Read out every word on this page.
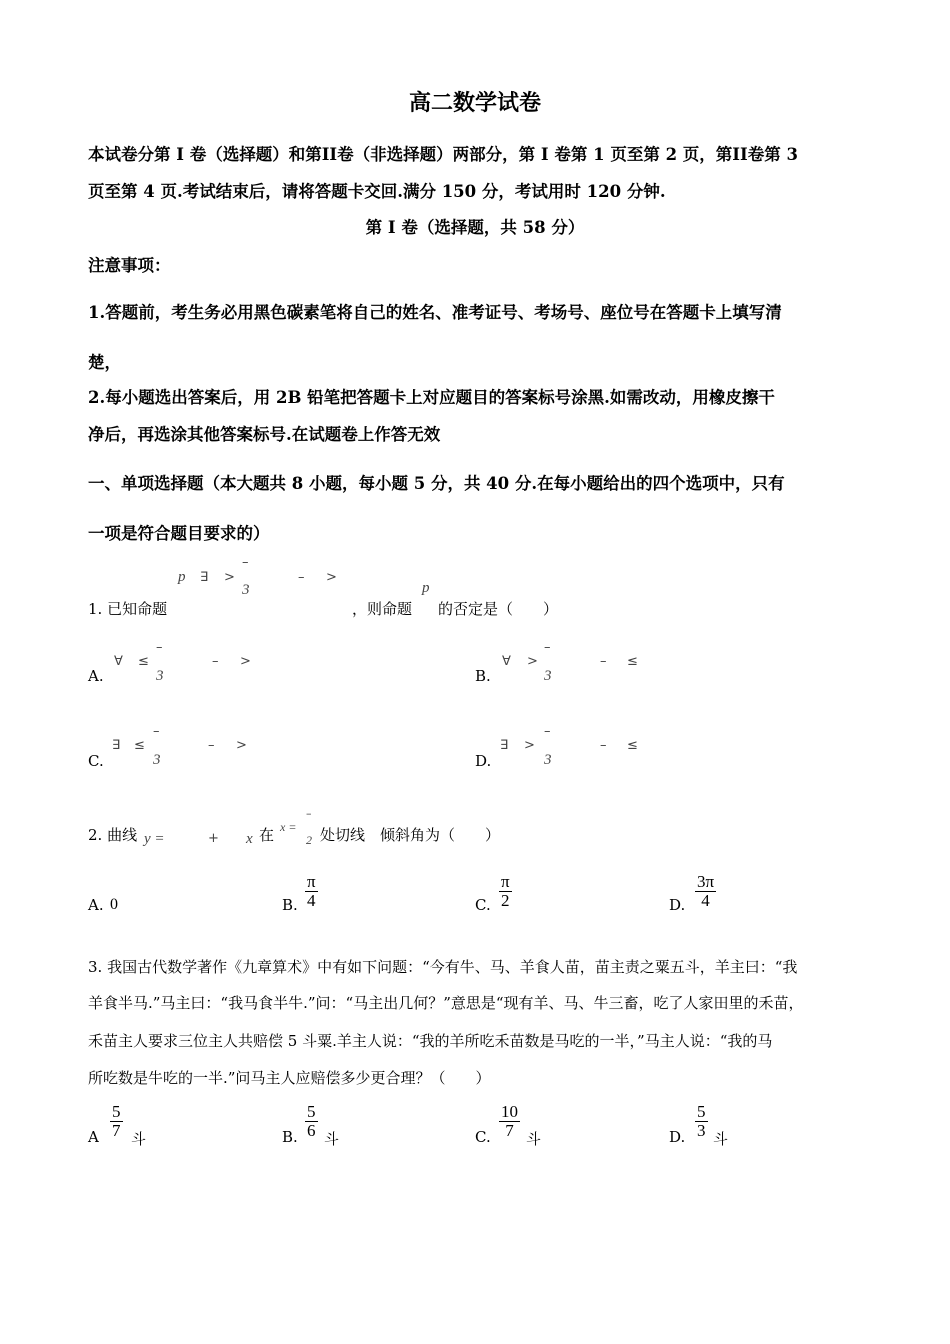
高二数学试卷
本试卷分第 I 卷（选择题）和第II卷（非选择题）两部分，第 I 卷第 1 页至第 2 页，第II卷第 3
页至第 4 页.考试结束后，请将答题卡交回.满分 150 分，考试用时 120 分钟.
第 I 卷（选择题，共 58 分）
注意事项：
1.答题前，考生务必用黑色碳素笔将自己的姓名、准考证号、考场号、座位号在答题卡上填写清
楚，
2.每小题选出答案后，用 2B 铅笔把答题卡上对应题目的答案标号涂黑.如需改动，用橡皮擦干
净后，再选涂其他答案标号.在试题卷上作答无效
一、单项选择题（本大题共 8 小题，每小题 5 分，共 40 分.在每小题给出的四个选项中，只有
一项是符合题目要求的）
1. 已知命题
p ∃ >
–
3
– >
，则命题
p
的否定是（　　）
A.
∀ ≤
–
3
– >
B.
∀ >
–
3
– ≤
C.
∃ ≤
–
3
– >
D.
∃ >
–
3
– ≤
2. 曲线 y =	+ x 在 x =
–
2 处切线　倾斜角为（　　）
A. 0	B. $\frac{\pi}{4}$	C. $\frac{\pi}{2}$	D. $\frac{3\pi}{4}$
3. 我国古代数学著作《九章算术》中有如下问题：“今有牛、马、羊食人苗，苗主责之粟五斗，羊主曰：“我
羊食半马.”马主曰：“我马食半牛.”问：“马主出几何？”意思是“现有羊、马、牛三畜，吃了人家田里的禾苗，
禾苗主人要求三位主人共赔偿 5 斗粟.羊主人说：“我的羊所吃禾苗数是马吃的一半，”马主人说：“我的马
所吃数是牛吃的一半.”问马主人应赔偿多少更合理？（　　）
A $\frac{5}{7}$ 斗	B. $\frac{5}{6}$ 斗	C. $\frac{10}{7}$ 斗	D. $\frac{5}{3}$ 斗
